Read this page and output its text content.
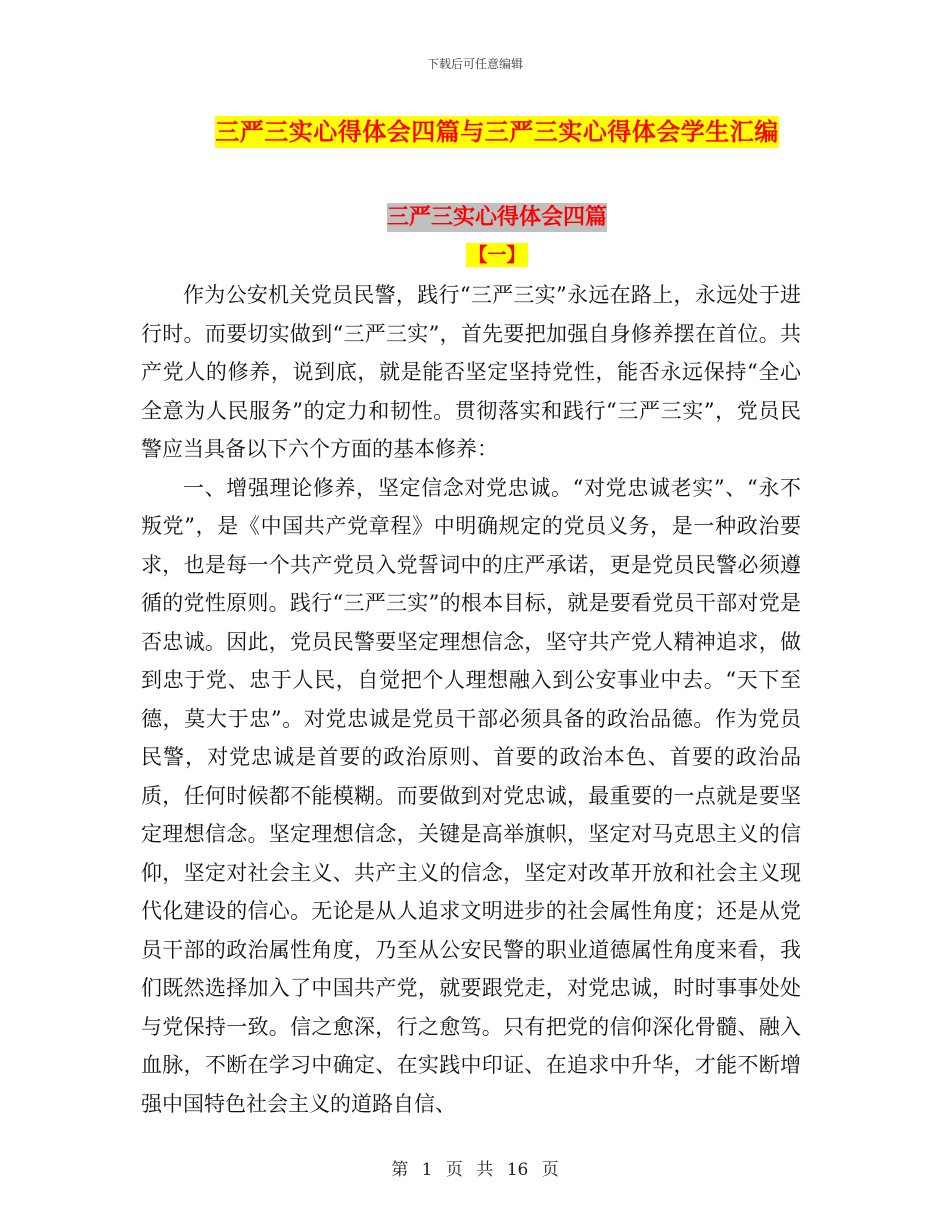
下载后可任意编辑
三严三实心得体会四篇与三严三实心得体会学生汇编
三严三实心得体会四篇
【一】

作为公安机关党员民警，践行“三严三实”永远在路上，永远处于进行时。而要切实做到“三严三实”，首先要把加强自身修养摆在首位。共产党人的修养，说到底，就是能否坚定坚持党性，能否永远保持“全心全意为人民服务”的定力和韧性。贯彻落实和践行“三严三实”，党员民警应当具备以下六个方面的基本修养：

一、增强理论修养，坚定信念对党忠诚。“对党忠诚老实”、“永不叛党”，是《中国共产党章程》中明确规定的党员义务，是一种政治要求，也是每一个共产党员入党誓词中的庄严承诺，更是党员民警必须遵循的党性原则。践行“三严三实”的根本目标，就是要看党员干部对党是否忠诚。因此，党员民警要坚定理想信念，坚守共产党人精神追求，做到忠于党、忠于人民，自觉把个人理想融入到公安事业中去。“天下至德，莫大于忠”。对党忠诚是党员干部必须具备的政治品德。作为党员民警，对党忠诚是首要的政治原则、首要的政治本色、首要的政治品质，任何时候都不能模糊。而要做到对党忠诚，最重要的一点就是要坚定理想信念。坚定理想信念，关键是高举旗帜，坚定对马克思主义的信仰，坚定对社会主义、共产主义的信念，坚定对改革开放和社会主义现代化建设的信心。无论是从人追求文明进步的社会属性角度；还是从党员干部的政治属性角度，乃至从公安民警的职业道德属性角度来看，我们既然选择加入了中国共产党，就要跟党走，对党忠诚，时时事事处处与党保持一致。信之愈深，行之愈笃。只有把党的信仰深化骨髓、融入血脉，不断在学习中确定、在实践中印证、在追求中升华，才能不断增强中国特色社会主义的道路自信、

第 1 页 共 16 页
